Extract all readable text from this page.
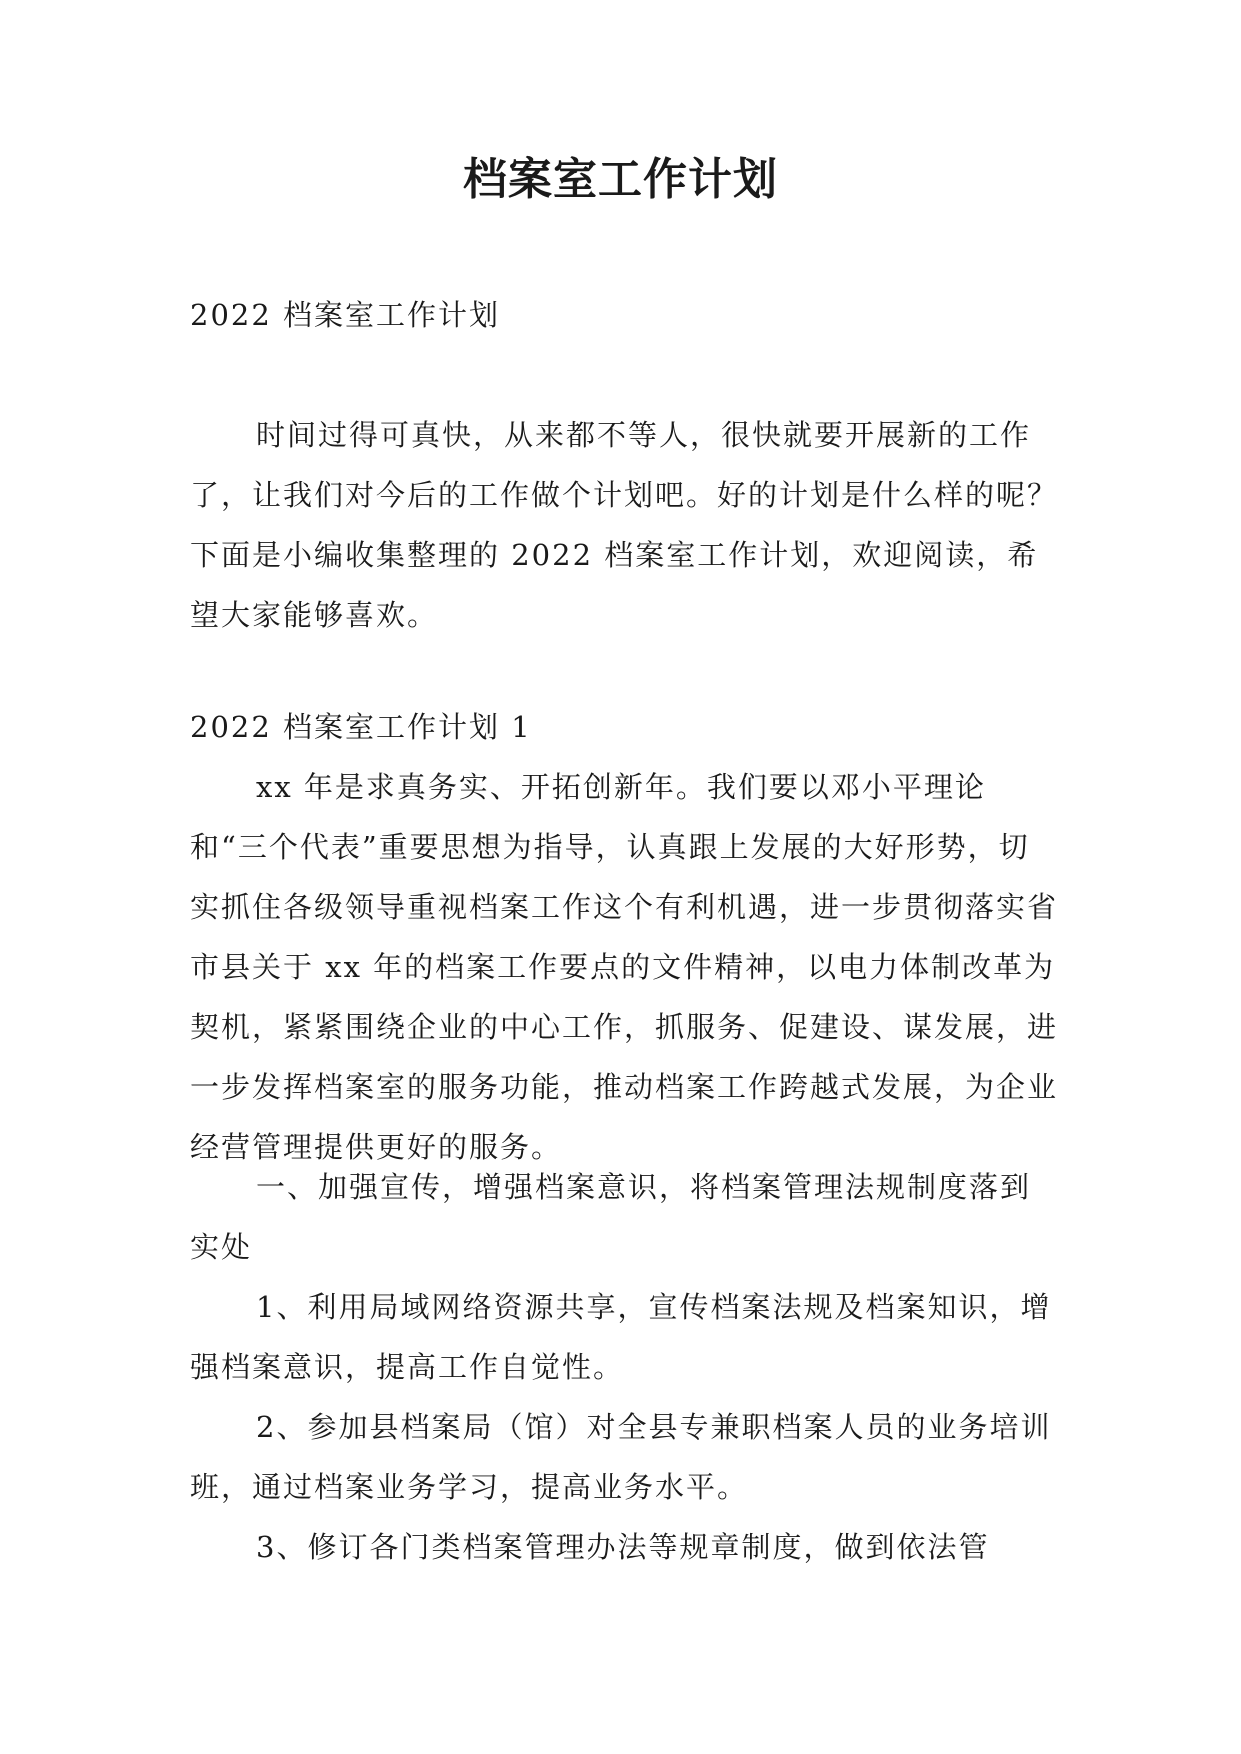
档案室工作计划

2022 档案室工作计划

时间过得可真快，从来都不等人，很快就要开展新的工作了，让我们对今后的工作做个计划吧。好的计划是什么样的呢？下面是小编收集整理的 2022 档案室工作计划，欢迎阅读，希望大家能够喜欢。

2022 档案室工作计划 1

xx 年是求真务实、开拓创新年。我们要以邓小平理论和“三个代表”重要思想为指导，认真跟上发展的大好形势，切实抓住各级领导重视档案工作这个有利机遇，进一步贯彻落实省市县关于 xx 年的档案工作要点的文件精神，以电力体制改革为契机，紧紧围绕企业的中心工作，抓服务、促建设、谋发展，进一步发挥档案室的服务功能，推动档案工作跨越式发展，为企业经营管理提供更好的服务。

一、加强宣传，增强档案意识，将档案管理法规制度落到实处

1、利用局域网络资源共享，宣传档案法规及档案知识，增强档案意识，提高工作自觉性。

2、参加县档案局（馆）对全县专兼职档案人员的业务培训班，通过档案业务学习，提高业务水平。

3、修订各门类档案管理办法等规章制度，做到依法管
